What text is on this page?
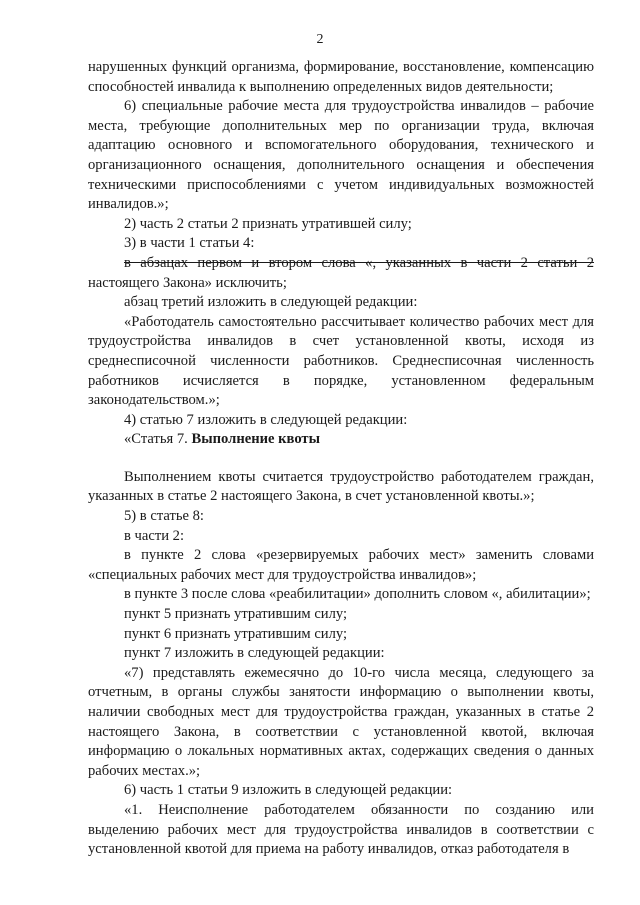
2

нарушенных функций организма, формирование, восстановление, компенсацию способностей инвалида к выполнению определенных видов деятельности;

6) специальные рабочие места для трудоустройства инвалидов – рабочие места, требующие дополнительных мер по организации труда, включая адаптацию основного и вспомогательного оборудования, технического и организационного оснащения, дополнительного оснащения и обеспечения техническими приспособлениями с учетом индивидуальных возможностей инвалидов.»;

2) часть 2 статьи 2 признать утратившей силу;

3) в части 1 статьи 4:

в абзацах первом и втором слова «, указанных в части 2 статьи 2 настоящего Закона» исключить;

абзац третий изложить в следующей редакции:

«Работодатель самостоятельно рассчитывает количество рабочих мест для трудоустройства инвалидов в счет установленной квоты, исходя из среднесписочной численности работников. Среднесписочная численность работников исчисляется в порядке, установленном федеральным законодательством.»;

4) статью 7 изложить в следующей редакции:

«Статья 7. Выполнение квоты

Выполнением квоты считается трудоустройство работодателем граждан, указанных в статье 2 настоящего Закона, в счет установленной квоты.»;

5) в статье 8:

в части 2:

в пункте 2 слова «резервируемых рабочих мест» заменить словами «специальных рабочих мест для трудоустройства инвалидов»;

в пункте 3 после слова «реабилитации» дополнить словом «, абилитации»;

пункт 5 признать утратившим силу;

пункт 6 признать утратившим силу;

пункт 7 изложить в следующей редакции:

«7) представлять ежемесячно до 10-го числа месяца, следующего за отчетным, в органы службы занятости информацию о выполнении квоты, наличии свободных мест для трудоустройства граждан, указанных в статье 2 настоящего Закона, в соответствии с установленной квотой, включая информацию о локальных нормативных актах, содержащих сведения о данных рабочих местах.»;

6) часть 1 статьи 9 изложить в следующей редакции:

«1. Неисполнение работодателем обязанности по созданию или выделению рабочих мест для трудоустройства инвалидов в соответствии с установленной квотой для приема на работу инвалидов, отказ работодателя в
